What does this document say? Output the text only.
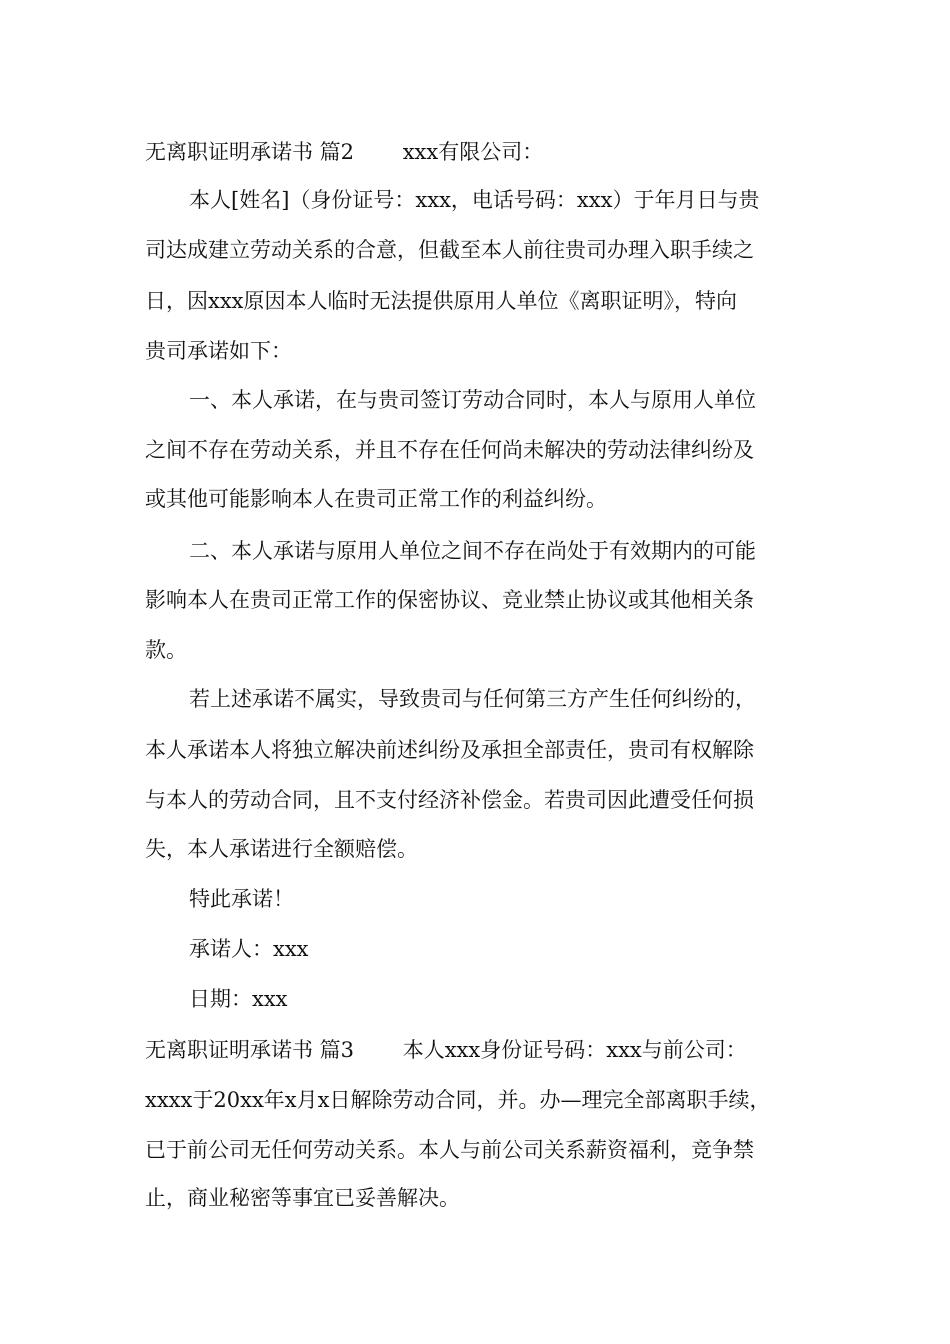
无离职证明承诺书 篇2 　　xxx有限公司：
本人[姓名]（身份证号：xxx，电话号码：xxx）于年月日与贵
司达成建立劳动关系的合意，但截至本人前往贵司办理入职手续之
日，因xxx原因本人临时无法提供原用人单位《离职证明》，特向
贵司承诺如下：
一、本人承诺，在与贵司签订劳动合同时，本人与原用人单位
之间不存在劳动关系，并且不存在任何尚未解决的劳动法律纠纷及
或其他可能影响本人在贵司正常工作的利益纠纷。
二、本人承诺与原用人单位之间不存在尚处于有效期内的可能
影响本人在贵司正常工作的保密协议、竞业禁止协议或其他相关条
款。
若上述承诺不属实，导致贵司与任何第三方产生任何纠纷的，
本人承诺本人将独立解决前述纠纷及承担全部责任，贵司有权解除
与本人的劳动合同，且不支付经济补偿金。若贵司因此遭受任何损
失，本人承诺进行全额赔偿。
特此承诺！
承诺人：xxx
日期：xxx
无离职证明承诺书 篇3 　　本人xxx身份证号码：xxx与前公司：
xxxx于20xx年x月x日解除劳动合同，并。办—理完全部离职手续，
已于前公司无任何劳动关系。本人与前公司关系薪资福利，竞争禁
止，商业秘密等事宜已妥善解决。
